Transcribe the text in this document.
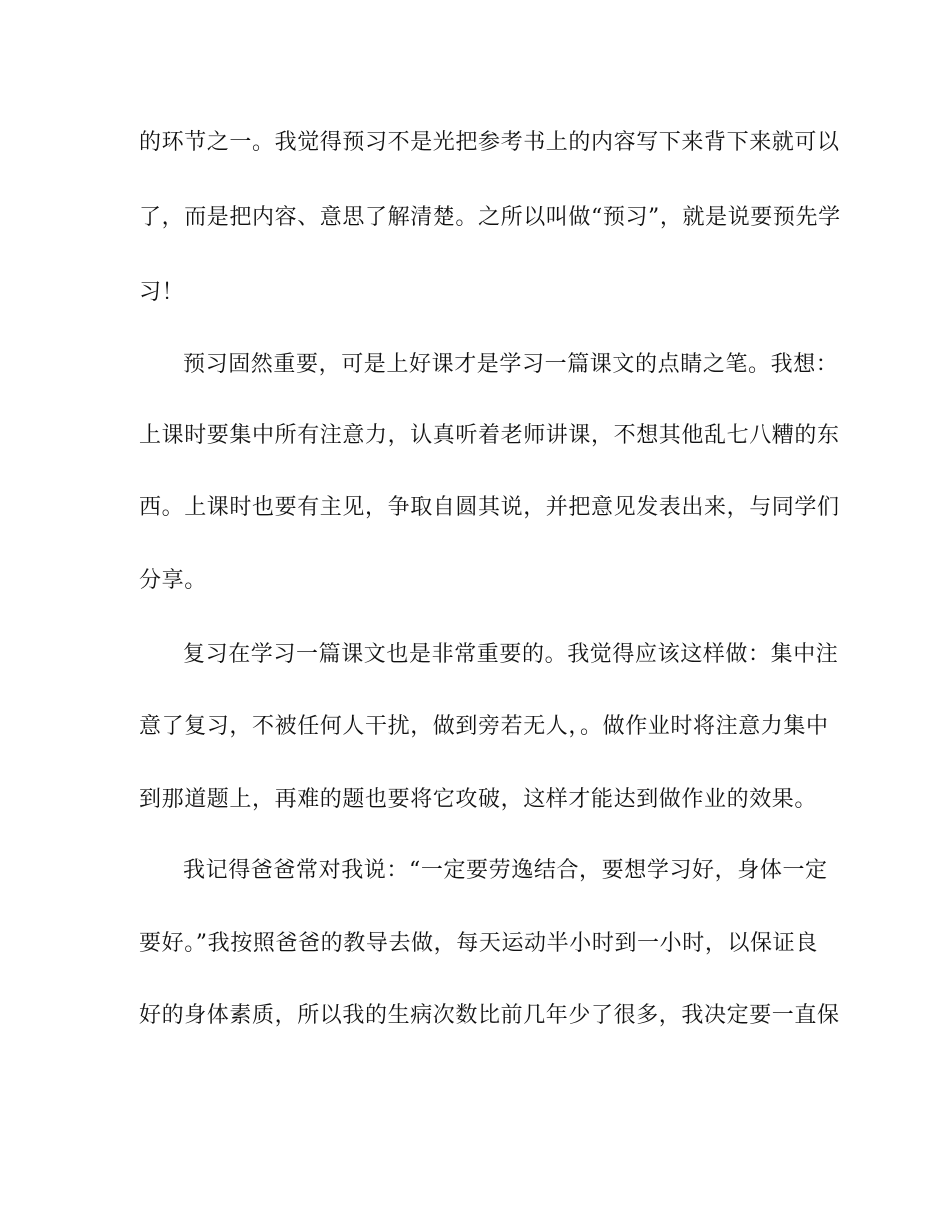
的环节之一。我觉得预习不是光把参考书上的内容写下来背下来就可以
了，而是把内容、意思了解清楚。之所以叫做“预习”，就是说要预先学
习！
预习固然重要，可是上好课才是学习一篇课文的点睛之笔。我想：
上课时要集中所有注意力，认真听着老师讲课，不想其他乱七八糟的东
西。上课时也要有主见，争取自圆其说，并把意见发表出来，与同学们
分享。
复习在学习一篇课文也是非常重要的。我觉得应该这样做：集中注
意了复习，不被任何人干扰，做到旁若无人，。做作业时将注意力集中
到那道题上，再难的题也要将它攻破，这样才能达到做作业的效果。
我记得爸爸常对我说：“一定要劳逸结合，要想学习好，身体一定
要好。”我按照爸爸的教导去做，每天运动半小时到一小时，以保证良
好的身体素质，所以我的生病次数比前几年少了很多，我决定要一直保
